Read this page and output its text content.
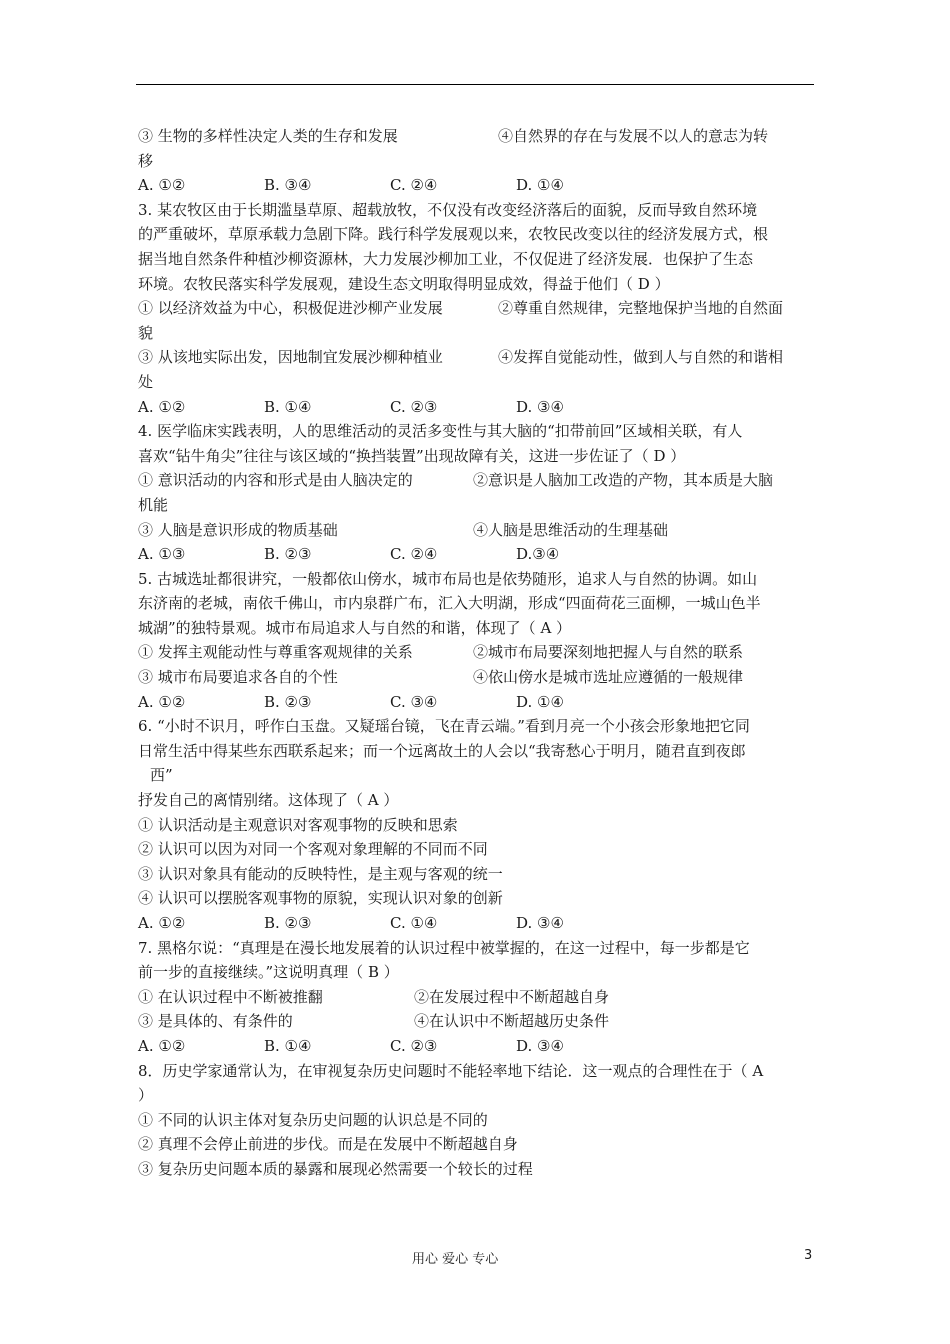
③ 生物的多样性决定人类的生存和发展	④自然界的存在与发展不以人的意志为转
移
A. ①②	B. ③④	C. ②④	D. ①④
3. 某农牧区由于长期滥垦草原、超载放牧，不仅没有改变经济落后的面貌，反而导致自然环境
的严重破坏，草原承载力急剧下降。践行科学发展观以来，农牧民改变以往的经济发展方式，根
据当地自然条件种植沙柳资源林，大力发展沙柳加工业，不仅促进了经济发展．也保护了生态
环境。农牧民落实科学发展观，建设生态文明取得明显成效，得益于他们（ D ）
① 以经济效益为中心，积极促进沙柳产业发展	②尊重自然规律，完整地保护当地的自然面
貌
③ 从该地实际出发，因地制宜发展沙柳种植业	④发挥自觉能动性，做到人与自然的和谐相
处
A. ①②	B. ①④	C. ②③	D. ③④
4. 医学临床实践表明，人的思维活动的灵活多变性与其大脑的“扣带前回”区域相关联，有人
喜欢“钻牛角尖”往往与该区域的“换挡装置”出现故障有关，这进一步佐证了（ D ）
① 意识活动的内容和形式是由人脑决定的	②意识是人脑加工改造的产物，其本质是大脑
机能
③ 人脑是意识形成的物质基础	④人脑是思维活动的生理基础
A. ①③	B. ②③	C. ②④	D.③④
5. 古城选址都很讲究，一般都依山傍水，城市布局也是依势随形，追求人与自然的协调。如山
东济南的老城，南依千佛山，市内泉群广布，汇入大明湖，形成“四面荷花三面柳，一城山色半
城湖”的独特景观。城市布局追求人与自然的和谐，体现了（ A ）
① 发挥主观能动性与尊重客观规律的关系	②城市布局要深刻地把握人与自然的联系
③ 城市布局要追求各自的个性	④依山傍水是城市选址应遵循的一般规律
A. ①②	B. ②③	C. ③④	D. ①④
6. “小时不识月，呼作白玉盘。又疑瑶台镜，飞在青云端。”看到月亮一个小孩会形象地把它同
日常生活中得某些东西联系起来；而一个远离故土的人会以“我寄愁心于明月，随君直到夜郎
西”
抒发自己的离情别绪。这体现了（ A ）
① 认识活动是主观意识对客观事物的反映和思索
② 认识可以因为对同一个客观对象理解的不同而不同
③ 认识对象具有能动的反映特性，是主观与客观的统一
④ 认识可以摆脱客观事物的原貌，实现认识对象的创新
A. ①②	B. ②③	C. ①④	D. ③④
7. 黑格尔说：“真理是在漫长地发展着的认识过程中被掌握的，在这一过程中，每一步都是它
前一步的直接继续。”这说明真理（ B ）
① 在认识过程中不断被推翻	②在发展过程中不断超越自身
③ 是具体的、有条件的	④在认识中不断超越历史条件
A. ①②	B. ①④	C. ②③	D. ③④
8．历史学家通常认为，在审视复杂历史问题时不能轻率地下结论．这一观点的合理性在于（ A
）
① 不同的认识主体对复杂历史问题的认识总是不同的
② 真理不会停止前进的步伐。而是在发展中不断超越自身
③ 复杂历史问题本质的暴露和展现必然需要一个较长的过程
用心 爱心 专心	3
